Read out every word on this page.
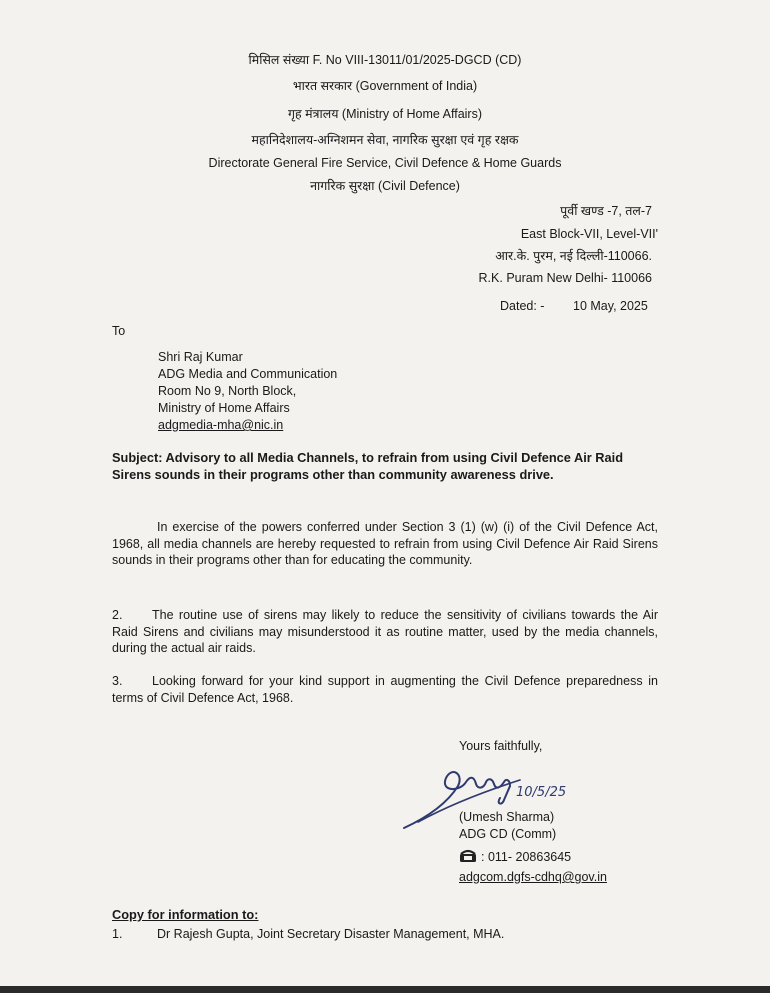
मिसिल संख्या F. No VIII-13011/01/2025-DGCD (CD)
भारत सरकार (Government of India)
गृह मंत्रालय (Ministry of Home Affairs)
महानिदेशालय-अग्निशमन सेवा, नागरिक सुरक्षा एवं गृह रक्षक
Directorate General Fire Service, Civil Defence & Home Guards
नागरिक सुरक्षा (Civil Defence)
पूर्वी खण्ड -7, तल-7
East Block-VII, Level-VII'
आर.के. पुरम, नई दिल्ली-110066.
R.K. Puram New Delhi- 110066
Dated: - 10 May, 2025
To
Shri Raj Kumar
ADG Media and Communication
Room No 9, North Block,
Ministry of Home Affairs
adgmedia-mha@nic.in
Subject: Advisory to all Media Channels, to refrain from using Civil Defence Air Raid Sirens sounds in their programs other than community awareness drive.
In exercise of the powers conferred under Section 3 (1) (w) (i) of the Civil Defence Act, 1968, all media channels are hereby requested to refrain from using Civil Defence Air Raid Sirens sounds in their programs other than for educating the community.
2. The routine use of sirens may likely to reduce the sensitivity of civilians towards the Air Raid Sirens and civilians may misunderstood it as routine matter, used by the media channels, during the actual air raids.
3. Looking forward for your kind support in augmenting the Civil Defence preparedness in terms of Civil Defence Act, 1968.
Yours faithfully,
10/5/25
(Umesh Sharma)
ADG CD (Comm)
: 011- 20863645
adgcom.dgfs-cdhq@gov.in
Copy for information to:
1.	Dr Rajesh Gupta, Joint Secretary Disaster Management, MHA.
